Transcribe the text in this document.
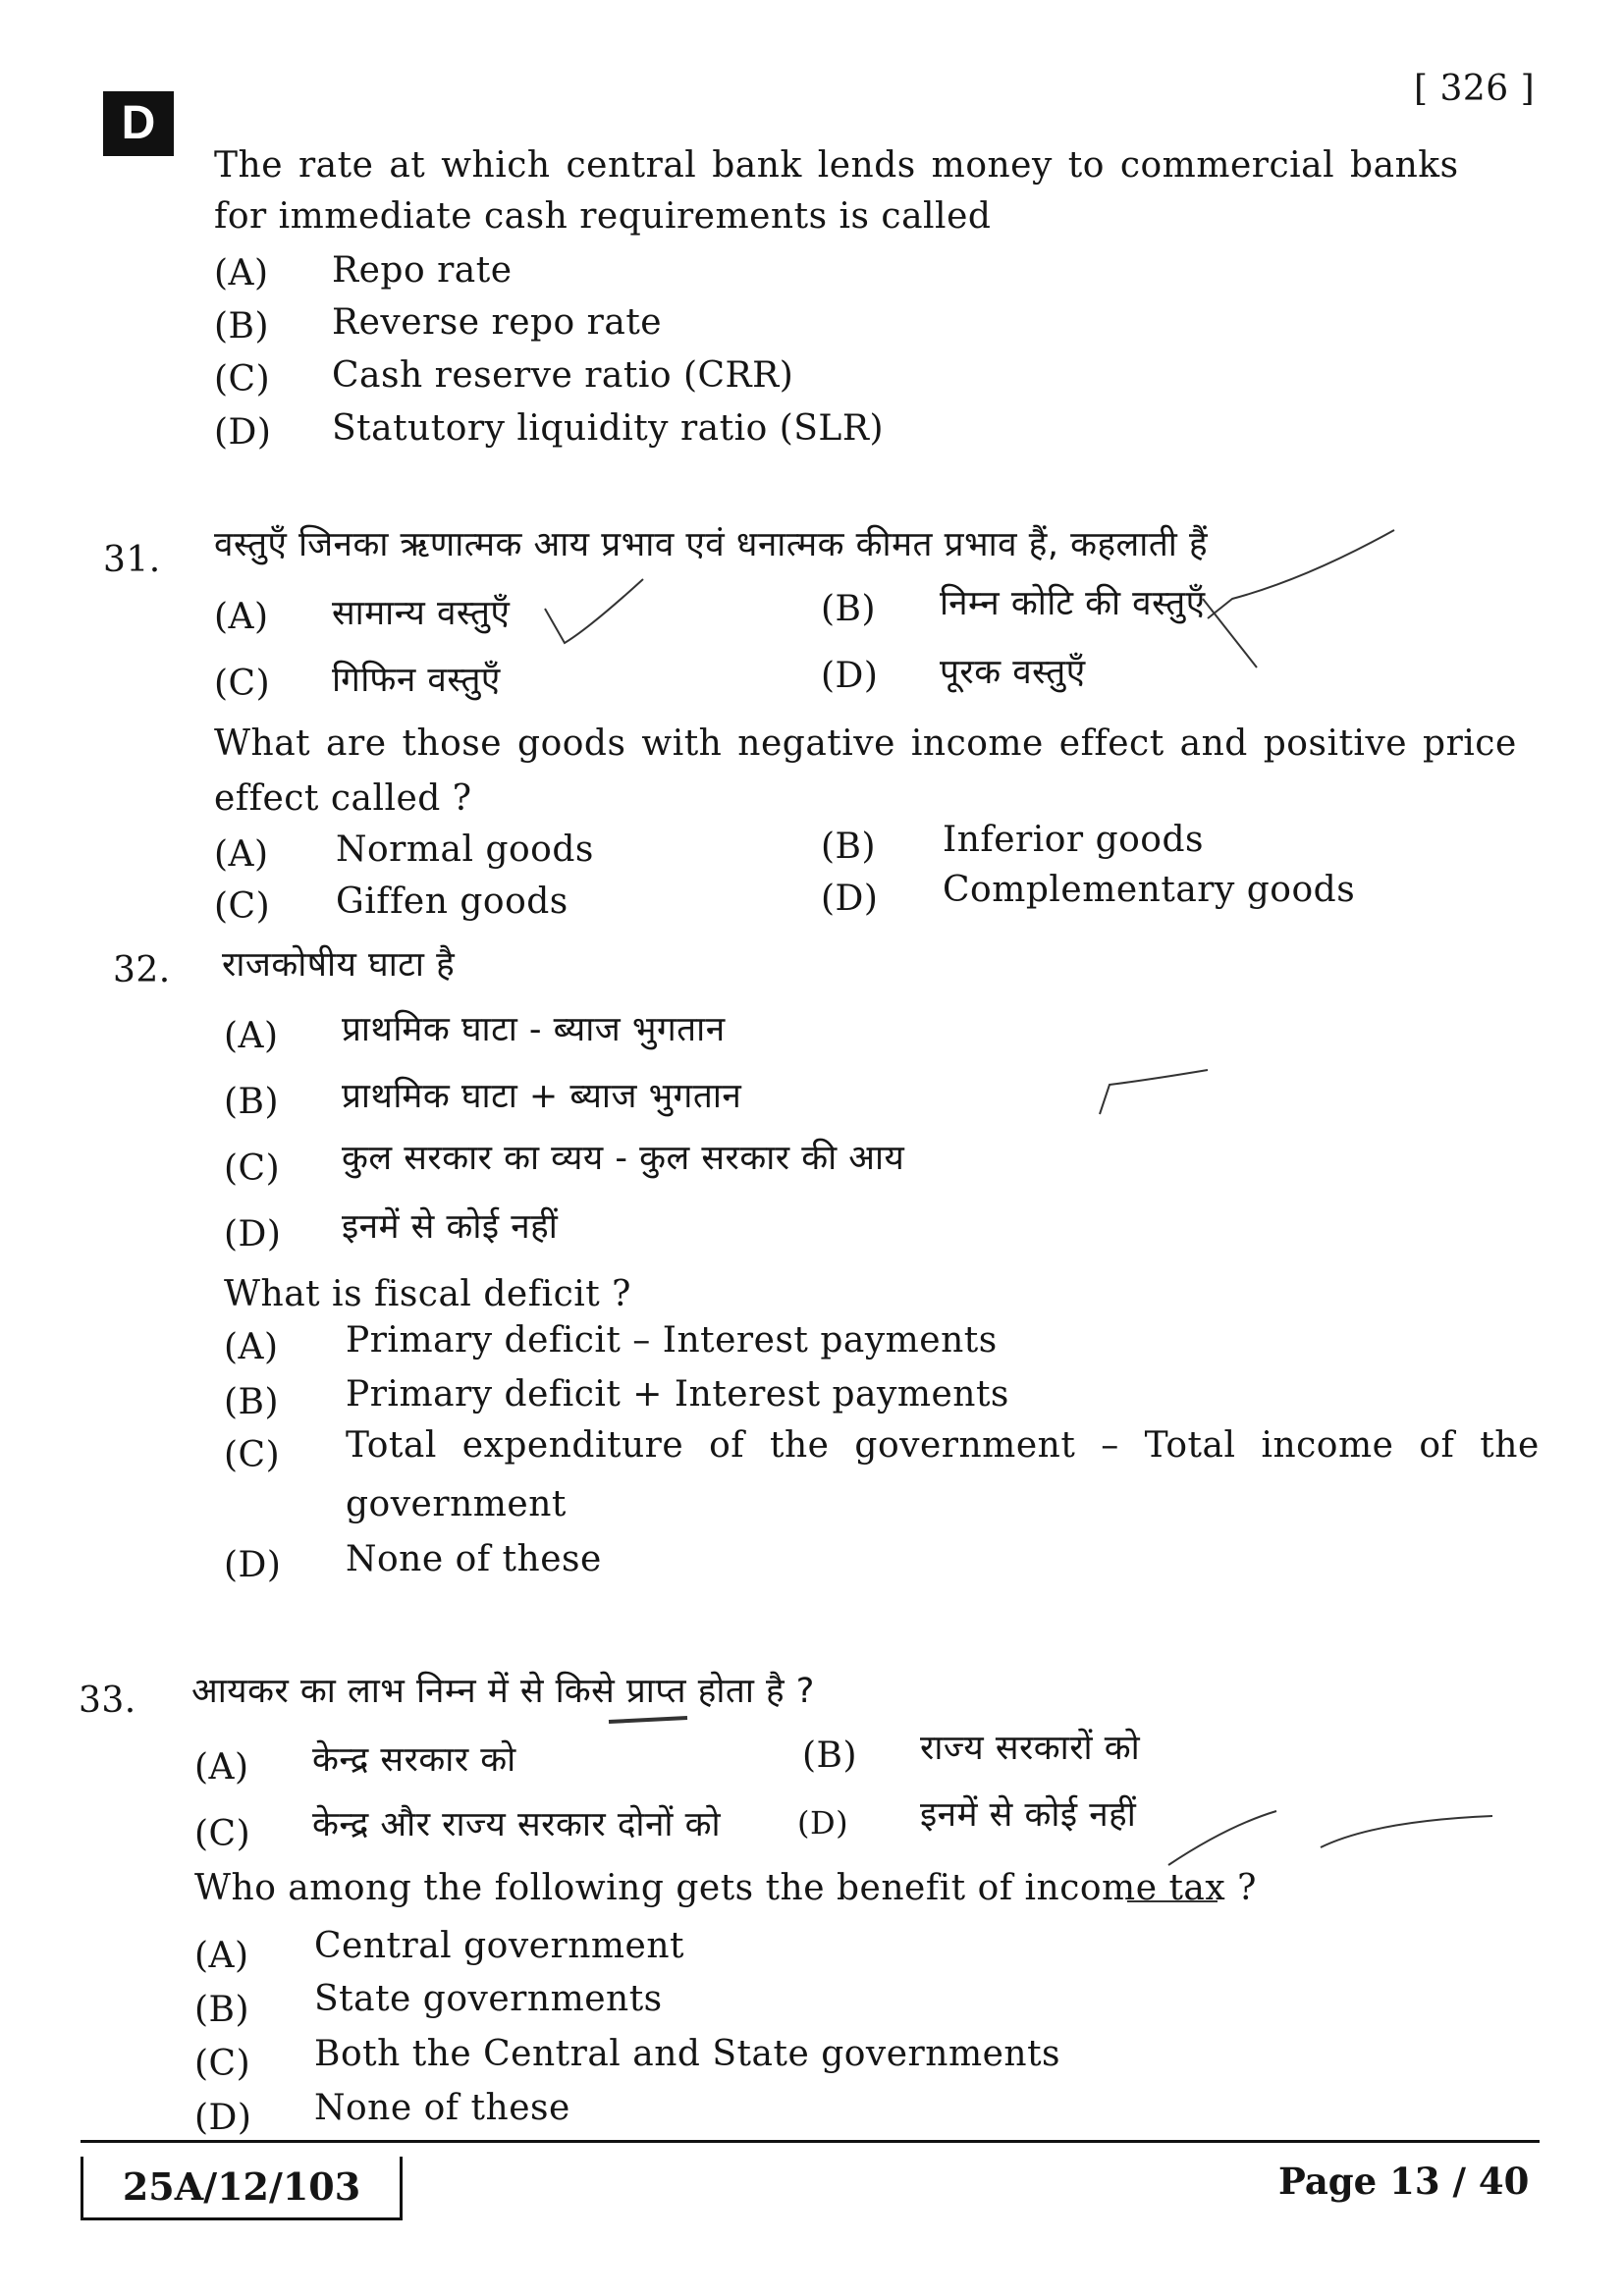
D
[ 326 ]
The rate at which central bank lends money to commercial banks
for immediate cash requirements is called
(A) Repo rate
(B) Reverse repo rate
(C) Cash reserve ratio (CRR)
(D) Statutory liquidity ratio (SLR)
31. वस्तुएँ जिनका ऋणात्मक आय प्रभाव एवं धनात्मक कीमत प्रभाव हैं, कहलाती हैं
(A) सामान्य वस्तुएँ	(B) निम्न कोटि की वस्तुएँ
(C) गिफिन वस्तुएँ	(D) पूरक वस्तुएँ
What are those goods with negative income effect and positive price
effect called ?
(A) Normal goods	(B) Inferior goods
(C) Giffen goods	(D) Complementary goods
32. राजकोषीय घाटा है
(A) प्राथमिक घाटा - ब्याज भुगतान
(B) प्राथमिक घाटा + ब्याज भुगतान
(C) कुल सरकार का व्यय - कुल सरकार की आय
(D) इनमें से कोई नहीं
What is fiscal deficit ?
(A) Primary deficit – Interest payments
(B) Primary deficit + Interest payments
(C) Total expenditure of the government – Total income of the
government
(D) None of these
33. आयकर का लाभ निम्न में से किसे प्राप्त होता है ?
(A) केन्द्र सरकार को	(B) राज्य सरकारों को
(C) केन्द्र और राज्य सरकार दोनों को (D) इनमें से कोई नहीं
Who among the following gets the benefit of income tax ?
(A) Central government
(B) State governments
(C) Both the Central and State governments
(D) None of these
25A/12/103	Page 13 / 40
